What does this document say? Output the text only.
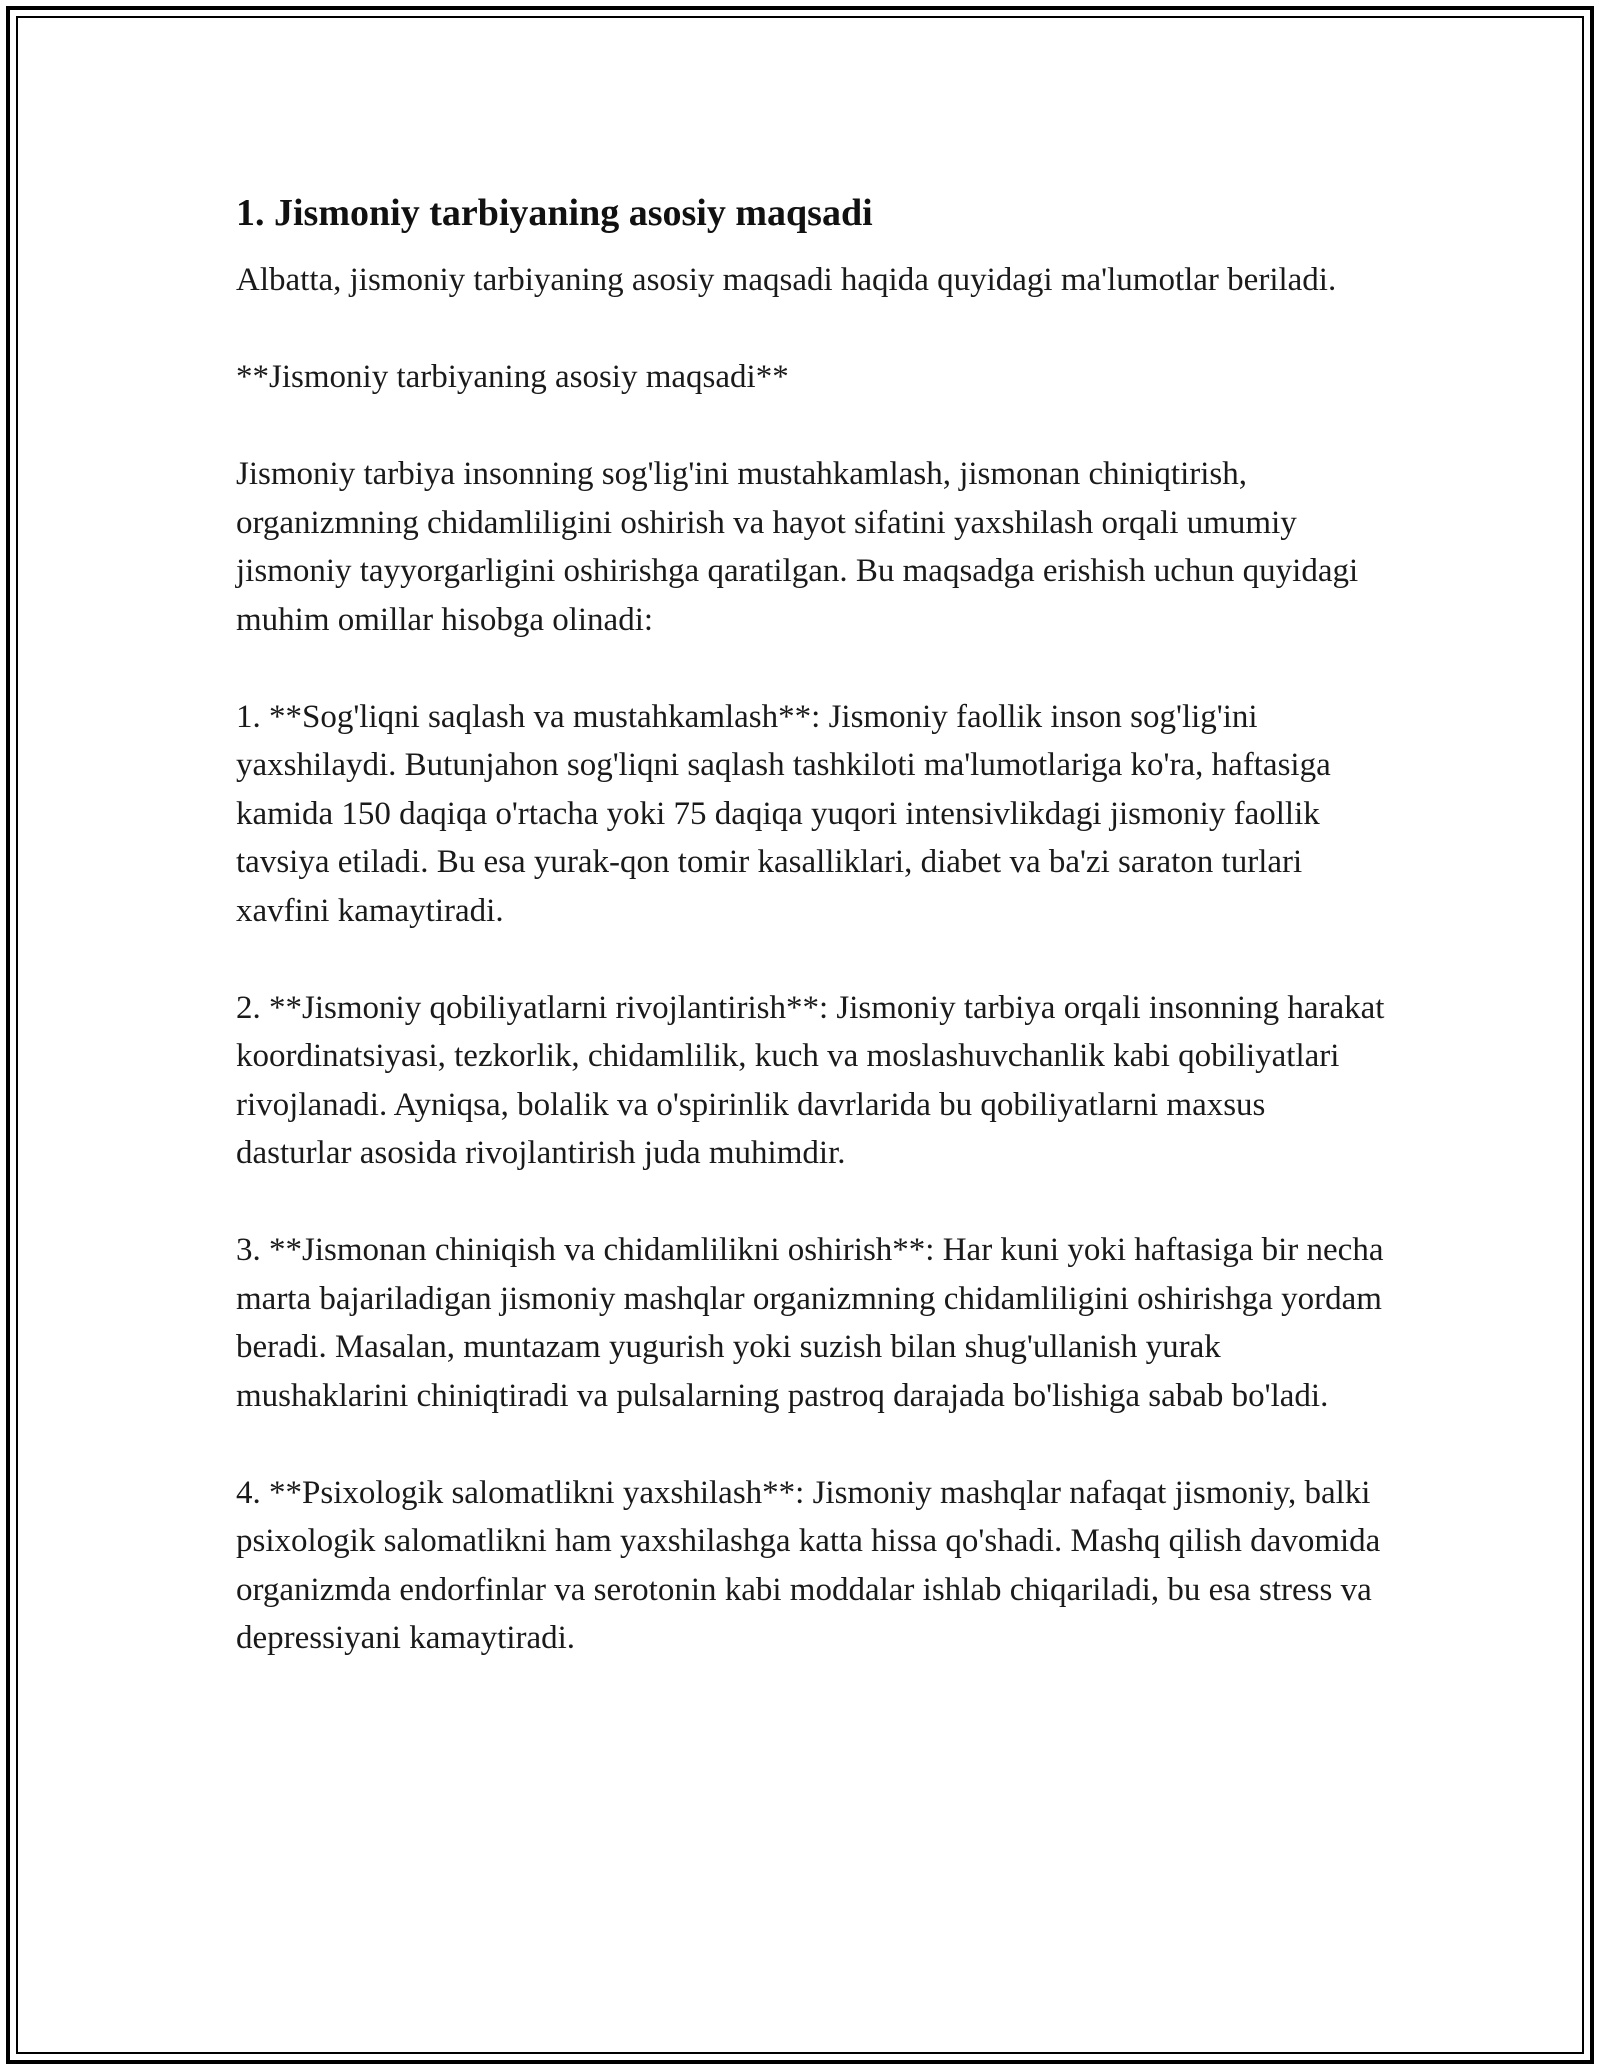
1. Jismoniy tarbiyaning asosiy maqsadi

Albatta, jismoniy tarbiyaning asosiy maqsadi haqida quyidagi ma'lumotlar beriladi.

**Jismoniy tarbiyaning asosiy maqsadi**

Jismoniy tarbiya insonning sog'lig'ini mustahkamlash, jismonan chiniqtirish, organizmning chidamliligini oshirish va hayot sifatini yaxshilash orqali umumiy jismoniy tayyorgarligini oshirishga qaratilgan. Bu maqsadga erishish uchun quyidagi muhim omillar hisobga olinadi:

1. **Sog'liqni saqlash va mustahkamlash**: Jismoniy faollik inson sog'lig'ini yaxshilaydi. Butunjahon sog'liqni saqlash tashkiloti ma'lumotlariga ko'ra, haftasiga kamida 150 daqiqa o'rtacha yoki 75 daqiqa yuqori intensivlikdagi jismoniy faollik tavsiya etiladi. Bu esa yurak-qon tomir kasalliklari, diabet va ba'zi saraton turlari xavfini kamaytiradi.

2. **Jismoniy qobiliyatlarni rivojlantirish**: Jismoniy tarbiya orqali insonning harakat koordinatsiyasi, tezkorlik, chidamlilik, kuch va moslashuvchanlik kabi qobiliyatlari rivojlanadi. Ayniqsa, bolalik va o'spirinlik davrlarida bu qobiliyatlarni maxsus dasturlar asosida rivojlantirish juda muhimdir.

3. **Jismonan chiniqish va chidamlilikni oshirish**: Har kuni yoki haftasiga bir necha marta bajariladigan jismoniy mashqlar organizmning chidamliligini oshirishga yordam beradi. Masalan, muntazam yugurish yoki suzish bilan shug'ullanish yurak mushaklarini chiniqtiradi va pulsalarning pastroq darajada bo'lishiga sabab bo'ladi.

4. **Psixologik salomatlikni yaxshilash**: Jismoniy mashqlar nafaqat jismoniy, balki psixologik salomatlikni ham yaxshilashga katta hissa qo'shadi. Mashq qilish davomida organizmda endorfinlar va serotonin kabi moddalar ishlab chiqariladi, bu esa stress va depressiyani kamaytiradi.
